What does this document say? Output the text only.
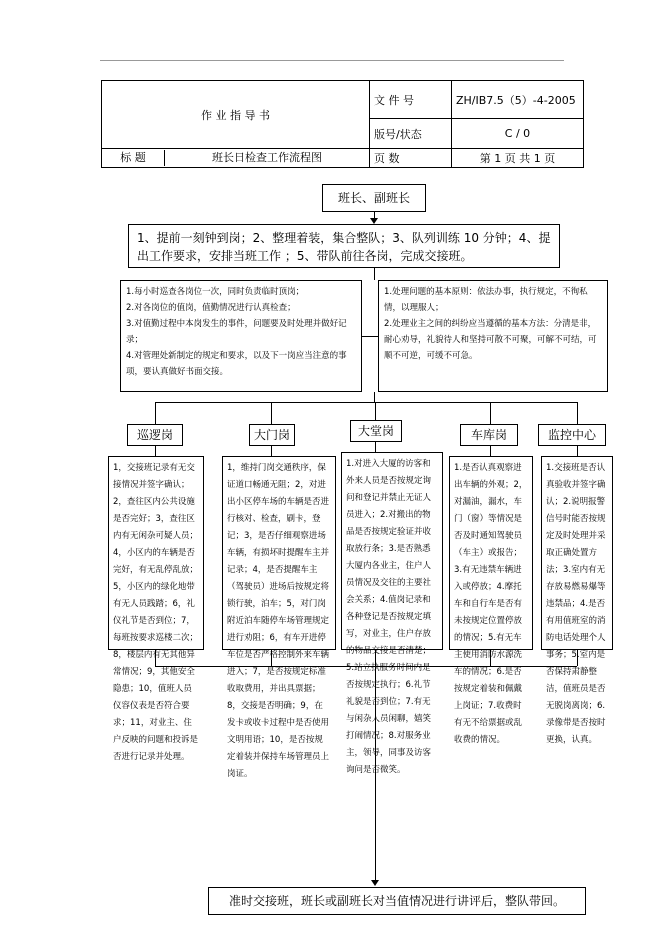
作 业 指 导 书	文 件 号	ZH/IB7.5（5）-4-2005
	版号/状态	C / 0

标 题 班长日检查工作流程图	页 数	第 1 页 共 1 页
班长、副班长
1、提前一刻钟到岗；2、整理着装，集合整队；3、队列训练 10 分钟；4、提出工作要求，安排当班工作 ；5、带队前往各岗，完成交接班。
1.每小时巡查各岗位一次，同时负责临时顶岗；
2.对各岗位的值岗，值勤情况进行认真检查；
3.对值勤过程中本岗发生的事件，问题要及时处理并做好记录；
4.对管理处新制定的规定和要求，以及下一岗应当注意的事项，要认真做好书面交接。
1.处理问题的基本原则：依法办事，执行规定，不徇私情，以理服人；
2.处理业主之间的纠纷应当遵循的基本方法：分清是非，耐心劝导，礼貌待人和坚持可散不可聚，可解不可结，可顺不可逆，可缓不可急。
巡逻岗	大门岗	大堂岗	车库岗	监控中心
1，交接班记录有无交接情况并签字确认；2，查往区内公共设施是否完好；3，查往区内有无闲杂可疑人员；4，小区内的车辆是否完好，有无乱停乱放；5，小区内的绿化地带有无人员践踏；6，礼仪礼节是否到位；7，每班按要求巡楼二次；8，楼层内有无其他异常情况；9，其他安全隐患；10，值班人员仪容仪表是否符合要求；11，对业主、住户反映的问题和投诉是否进行记录并处理。
1，维持门岗交通秩序，保证道口畅通无阻；2，对进出小区停车场的车辆是否进行核对、检查，刷卡，登记；3，是否仔细观察进场车辆，有损坏时提醒车主并记录；4，是否提醒车主（驾驶员）进场后按规定将锁行驶，泊车；5，对门岗附近泊车随停车场管理规定进行劝阻；6，有车开进停车位是否严格控制外来车辆进入；7，是否按规定标准收取费用，并出具票据；8，交接是否明确；9，在发卡或收卡过程中是否使用文明用语；10，是否按规定着装并保持车场管理员上岗证。
1.对进入大厦的访客和外来人员是否按规定询问和登记并禁止无证人员进入；2.对搬出的物品是否按规定验证并收取放行条；3.是否熟悉大厦内各业主，住户人员情况及交往的主要社会关系；4.值岗记录和各种登记是否按规定填写，对业主，住户存放的物品交接是否清楚；5.站立执服务时间内是否按规定执行；6.礼节礼貌是否到位；7.有无与闲杂人员闲聊，嬉笑打闹情况；8.对服务业主，领导，同事及访客询问是否微笑。
1.是否认真观察进出车辆的外观；2，对漏油，漏水，车门（窗）等情况是否及时通知驾驶员（车主）或报告；3.有无违禁车辆进入或停放；4.摩托车和自行车是否有未按规定位置停放的情况；5.有无车主使用消防水源洗车的情况；6.是否按规定着装和佩戴上岗证；7.收费时有无不给票据或乱收费的情况。
1.交接班是否认真验收并签字确认；2.说明报警信号时能否按规定及时处理并采取正确处置方法；3.室内有无存放易燃易爆等违禁品；4.是否有用值班室的消防电话处理个人事务；5.室内是否保持肃静整洁，值班员是否无脱岗离岗；6.录像带是否按时更换，认真。
准时交接班，班长或副班长对当值情况进行讲评后，整队带回。
